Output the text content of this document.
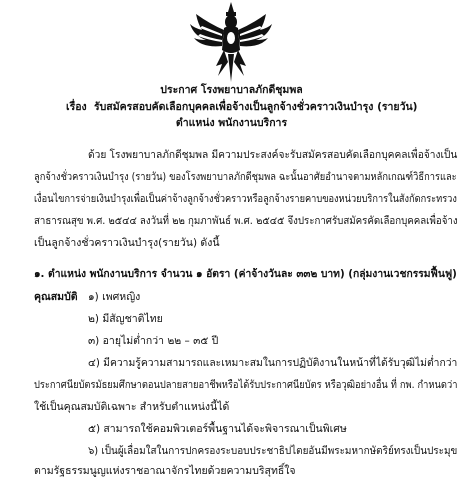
ประกาศ โรงพยาบาลภักดีชุมพล
เรื่อง รับสมัครสอบคัดเลือกบุคคลเพื่อจ้างเป็นลูกจ้างชั่วคราวเงินบำรุง (รายวัน)
ตำแหน่ง พนักงานบริการ
ด้วย โรงพยาบาลภักดีชุมพล มีความประสงค์จะรับสมัครสอบคัดเลือกบุคคลเพื่อจ้างเป็น
ลูกจ้างชั่วคราวเงินบำรุง (รายวัน) ของโรงพยาบาลภักดีชุมพล ฉะนั้นอาศัยอำนาจตามหลักเกณฑ์วิธีการและ
เงื่อนไขการจ่ายเงินบำรุงเพื่อเป็นค่าจ้างลูกจ้างชั่วคราวหรือลูกจ้างรายคาบของหน่วยบริการในสังกัดกระทรวง
สาธารณสุข พ.ศ. ๒๕๔๔ ลงวันที่ ๒๒ กุมภาพันธ์ พ.ศ. ๒๕๔๕ จึงประกาศรับสมัครคัดเลือกบุคคลเพื่อจ้าง
เป็นลูกจ้างชั่วคราวเงินบำรุง(รายวัน) ดังนี้
๑. ตำแหน่ง พนักงานบริการ จำนวน ๑ อัตรา (ค่าจ้างวันละ ๓๓๒ บาท) (กลุ่มงานเวชกรรมฟื้นฟู)
คุณสมบัติ ๑) เพศหญิง
๒) มีสัญชาติไทย
๓) อายุไม่ต่ำกว่า ๒๒ – ๓๕ ปี
๔) มีความรู้ความสามารถและเหมาะสมในการปฏิบัติงานในหน้าที่ได้รับวุฒิไม่ต่ำกว่า
ประกาศนียบัตรมัธยมศึกษาตอนปลายสายอาชีพหรือได้รับประกาศนียบัตร หรือวุฒิอย่างอื่น ที่ กพ. กำหนดว่า
ใช้เป็นคุณสมบัติเฉพาะ สำหรับตำแหน่งนี้ได้
๕) สามารถใช้คอมพิวเตอร์พื้นฐานได้จะพิจารณาเป็นพิเศษ
๖) เป็นผู้เลื่อมใสในการปกครองระบอบประชาธิปไตยอันมีพระมหากษัตริย์ทรงเป็นประมุข
ตามรัฐธรรมนูญแห่งราชอาณาจักรไทยด้วยความบริสุทธิ์ใจ
